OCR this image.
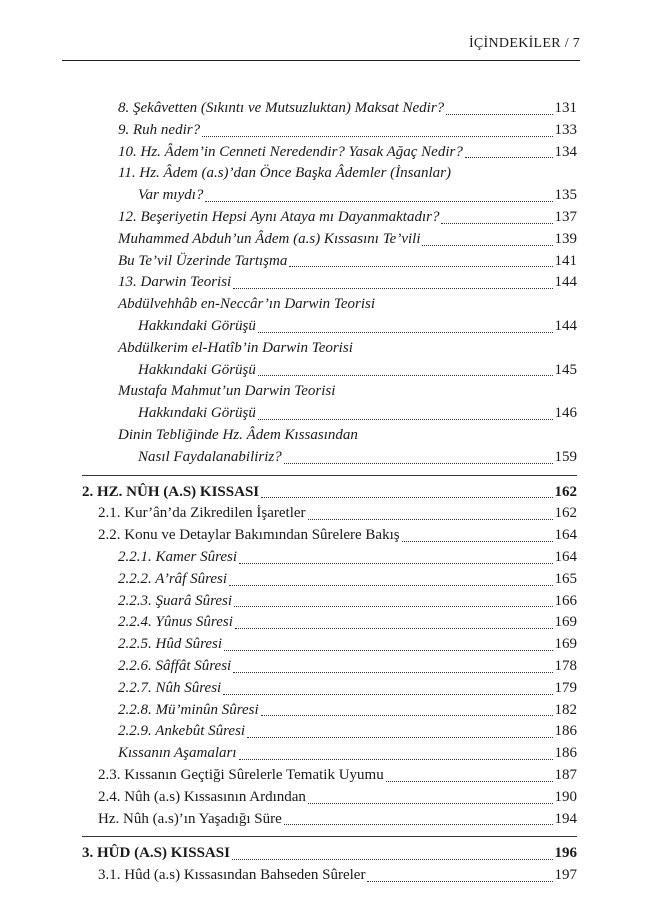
İÇİNDEKİLER / 7
8. Şekâvetten (Sıkıntı ve Mutsuzluktan) Maksat Nedir?	131
9. Ruh nedir?	133
10. Hz. Âdem’in Cenneti Neredendir? Yasak Ağaç Nedir?	134
11. Hz. Âdem (a.s)’dan Önce Başka Âdemler (İnsanlar)
Var mıydı?	135
12. Beşeriyetin Hepsi Aynı Ataya mı Dayanmaktadır?	137
Muhammed Abduh’un Âdem (a.s) Kıssasını Te’vili	139
Bu Te’vil Üzerinde Tartışma	141
13. Darwin Teorisi	144
Abdülvehhâb en-Neccâr’ın Darwin Teorisi
Hakkındaki Görüşü	144
Abdülkerim el-Hatîb’in Darwin Teorisi
Hakkındaki Görüşü	145
Mustafa Mahmut’un Darwin Teorisi
Hakkındaki Görüşü	146
Dinin Tebliğinde Hz. Âdem Kıssasından
Nasıl Faydalanabiliriz?	159
2. HZ. NÛH (A.S) KISSASI	162
2.1. Kur’ân’da Zikredilen İşaretler	162
2.2. Konu ve Detaylar Bakımından Sûrelere Bakış	164
2.2.1. Kamer Sûresi	164
2.2.2. A’râf Sûresi	165
2.2.3. Şuarâ Sûresi	166
2.2.4. Yûnus Sûresi	169
2.2.5. Hûd Sûresi	169
2.2.6. Sâffât Sûresi	178
2.2.7. Nûh Sûresi	179
2.2.8. Mü’minûn Sûresi	182
2.2.9. Ankebût Sûresi	186
Kıssanın Aşamaları	186
2.3. Kıssanın Geçtiği Sûrelerle Tematik Uyumu	187
2.4. Nûh (a.s) Kıssasının Ardından	190
Hz. Nûh (a.s)’ın Yaşadığı Süre	194
3. HÛD (A.S) KISSASI	196
3.1. Hûd (a.s) Kıssasından Bahseden Sûreler	197
